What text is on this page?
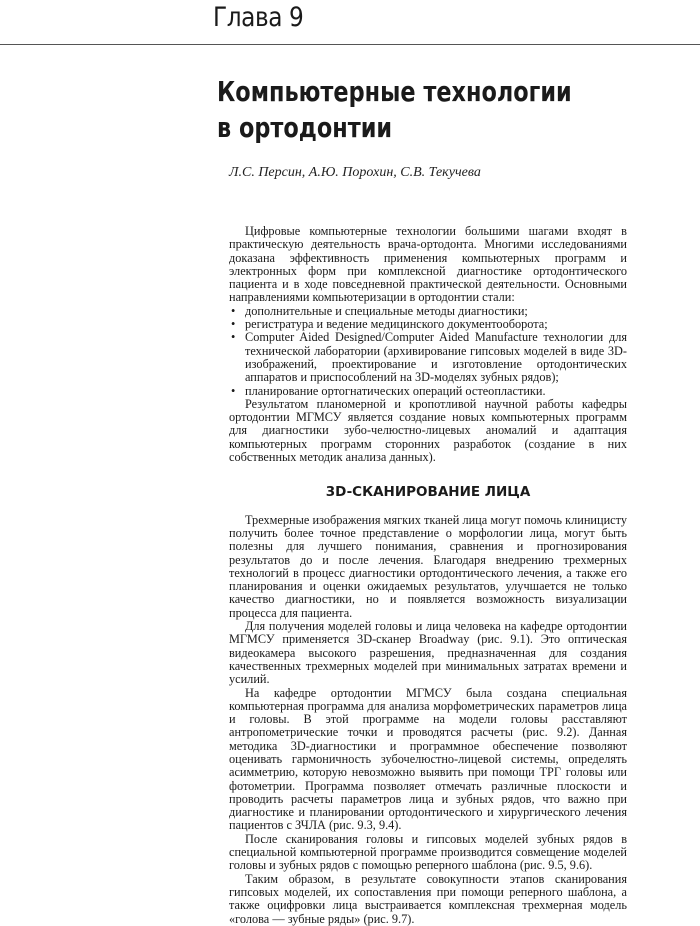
Глава 9
Компьютерные технологии
в ортодонтии
Л.С. Персин, А.Ю. Порохин, С.В. Текучева

Цифровые компьютерные технологии большими шагами входят в практическую деятельность врача-ортодонта. Многими исследованиями доказана эффективность применения компьютерных программ и электронных форм при комплексной диагностике ортодонтического пациента и в ходе повседневной практической деятельности. Основными направлениями компьютеризации в ортодонтии стали:

• дополнительные и специальные методы диагностики;
• регистратура и ведение медицинского документооборота;
• Computer Aided Designed/Computer Aided Manufacture технологии для технической лаборатории (архивирование гипсовых моделей в виде 3D-изображений, проектирование и изготовление ортодонтических аппаратов и приспособлений на 3D-моделях зубных рядов);
• планирование ортогнатических операций остеопластики.

Результатом планомерной и кропотливой научной работы кафедры ортодонтии МГМСУ является создание новых компьютерных программ для диагностики зубо-челюстно-лицевых аномалий и адаптация компьютерных программ сторонних разработок (создание в них собственных методик анализа данных).

3D-СКАНИРОВАНИЕ ЛИЦА

Трехмерные изображения мягких тканей лица могут помочь клиницисту получить более точное представление о морфологии лица, могут быть полезны для лучшего понимания, сравнения и прогнозирования результатов до и после лечения. Благодаря внедрению трехмерных технологий в процесс диагностики ортодонтического лечения, а также его планирования и оценки ожидаемых результатов, улучшается не только качество диагностики, но и появляется возможность визуализации процесса для пациента.

Для получения моделей головы и лица человека на кафедре ортодонтии МГМСУ применяется 3D-сканер Broadway (рис. 9.1). Это оптическая видеокамера высокого разрешения, предназначенная для создания качественных трехмерных моделей при минимальных затратах времени и усилий.

На кафедре ортодонтии МГМСУ была создана специальная компьютерная программа для анализа морфометрических параметров лица и головы. В этой программе на модели головы расставляют антропометрические точки и проводятся расчеты (рис. 9.2). Данная методика 3D-диагностики и программное обеспечение позволяют оценивать гармоничность зубочелюстно-лицевой системы, определять асимметрию, которую невозможно выявить при помощи ТРГ головы или фотометрии. Программа позволяет отмечать различные плоскости и проводить расчеты параметров лица и зубных рядов, что важно при диагностике и планировании ортодонтического и хирургического лечения пациентов с ЗЧЛА (рис. 9.3, 9.4).

После сканирования головы и гипсовых моделей зубных рядов в специальной компьютерной программе производится совмещение моделей головы и зубных рядов с помощью реперного шаблона (рис. 9.5, 9.6).

Таким образом, в результате совокупности этапов сканирования гипсовых моделей, их сопоставления при помощи реперного шаблона, а также оцифровки лица выстраивается комплексная трехмерная модель «голова — зубные ряды» (рис. 9.7).
